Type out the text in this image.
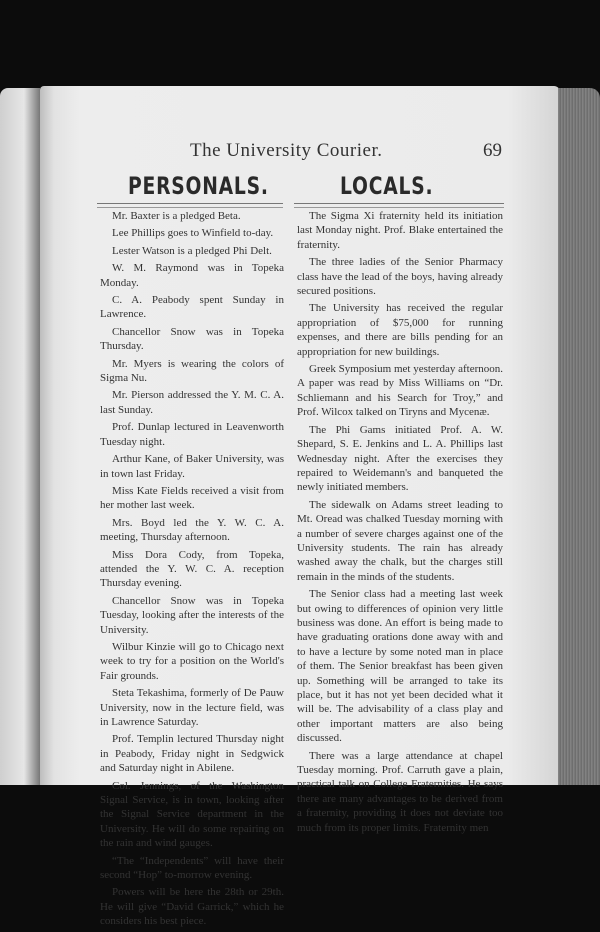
The University Courier.	69
PERSONALS.	LOCALS.

Mr. Baxter is a pledged Beta.

Lee Phillips goes to Winfield to-day.

Lester Watson is a pledged Phi Delt.

W. M. Raymond was in Topeka Monday.

C. A. Peabody spent Sunday in Lawrence.

Chancellor Snow was in Topeka Thursday.

Mr. Myers is wearing the colors of Sigma Nu.

Mr. Pierson addressed the Y. M. C. A. last Sunday.

Prof. Dunlap lectured in Leavenworth Tuesday night.

Arthur Kane, of Baker University, was in town last Friday.

Miss Kate Fields received a visit from her mother last week.

Mrs. Boyd led the Y. W. C. A. meeting, Thursday afternoon.

Miss Dora Cody, from Topeka, attended the Y. W. C. A. reception Thursday evening.

Chancellor Snow was in Topeka Tuesday, looking after the interests of the University.

Wilbur Kinzie will go to Chicago next week to try for a position on the World's Fair grounds.

Steta Tekashima, formerly of De Pauw University, now in the lecture field, was in Lawrence Saturday.

Prof. Templin lectured Thursday night in Peabody, Friday night in Sedgwick and Saturday night in Abilene.

Col. Jennings, of the Washington Signal Service, is in town, looking after the Signal Service department in the University. He will do some repairing on the rain and wind gauges.

“The “Independents” will have their second “Hop” to-morrow evening.

Powers will be here the 28th or 29th. He will give “David Garrick,” which he considers his best piece.

The Sigma Xi fraternity held its initiation last Monday night. Prof. Blake entertained the fraternity.

The three ladies of the Senior Pharmacy class have the lead of the boys, having already secured positions.

The University has received the regular appropriation of $75,000 for running expenses, and there are bills pending for an appropriation for new buildings.

Greek Symposium met yesterday afternoon. A paper was read by Miss Williams on “Dr. Schliemann and his Search for Troy,” and Prof. Wilcox talked on Tiryns and Mycenæ.

The Phi Gams initiated Prof. A. W. Shepard, S. E. Jenkins and L. A. Phillips last Wednesday night. After the exercises they repaired to Weidemann's and banqueted the newly initiated members.

The sidewalk on Adams street leading to Mt. Oread was chalked Tuesday morning with a number of severe charges against one of the University students. The rain has already washed away the chalk, but the charges still remain in the minds of the students.

The Senior class had a meeting last week but owing to differences of opinion very little business was done. An effort is being made to have graduating orations done away with and to have a lecture by some noted man in place of them. The Senior breakfast has been given up. Something will be arranged to take its place, but it has not yet been decided what it will be. The advisability of a class play and other important matters are also being discussed.

There was a large attendance at chapel Tuesday morning. Prof. Carruth gave a plain, practical talk on College Fraternities. He says there are many advantages to be derived from a fraternity, providing it does not deviate too much from its proper limits. Fraternity men
